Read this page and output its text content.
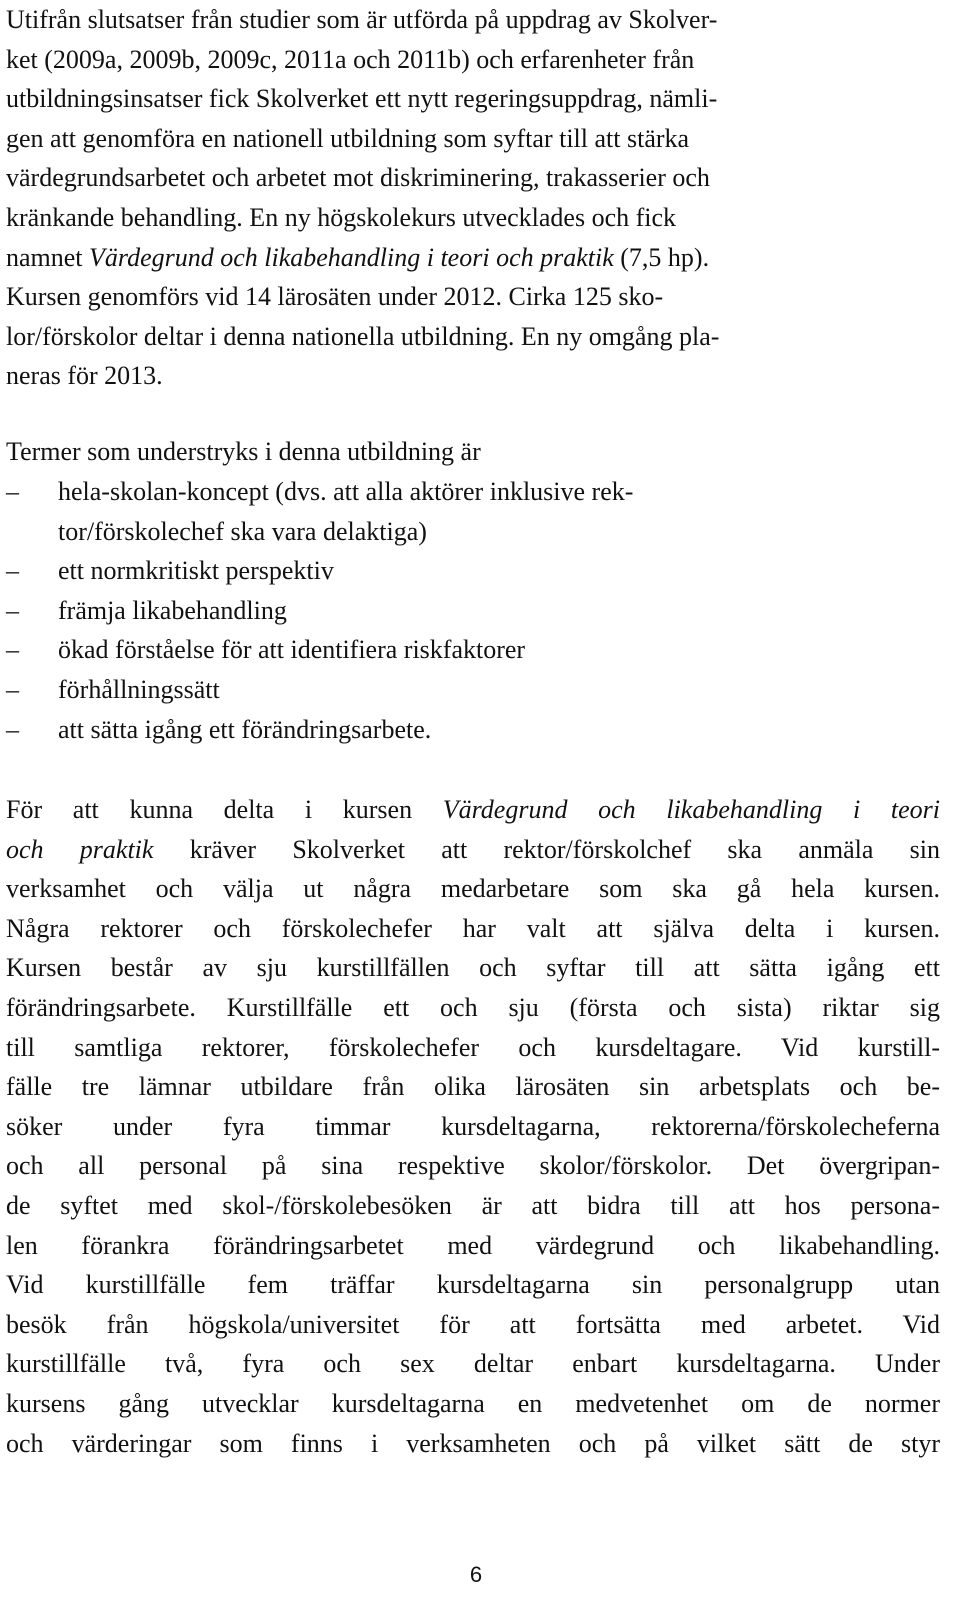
Utifrån slutsatser från studier som är utförda på uppdrag av Skolver-
ket (2009a, 2009b, 2009c, 2011a och 2011b) och erfarenheter från
utbildningsinsatser fick Skolverket ett nytt regeringsuppdrag, nämli-
gen att genomföra en nationell utbildning som syftar till att stärka
värdegrundsarbetet och arbetet mot diskriminering, trakasserier och
kränkande behandling. En ny högskolekurs utvecklades och fick
namnet Värdegrund och likabehandling i teori och praktik (7,5 hp).
Kursen genomförs vid 14 lärosäten under 2012. Cirka 125 sko-
lor/förskolor deltar i denna nationella utbildning. En ny omgång pla-
neras för 2013.

Termer som understryks i denna utbildning är

–	hela-skolan-koncept (dvs. att alla aktörer inklusive rek-
tor/förskolechef ska vara delaktiga)
–	ett normkritiskt perspektiv
–	främja likabehandling
–	ökad förståelse för att identifiera riskfaktorer
–	förhållningssätt
–	att sätta igång ett förändringsarbete.

För att kunna delta i kursen Värdegrund och likabehandling i teori
och praktik kräver Skolverket att rektor/förskolchef ska anmäla sin
verksamhet och välja ut några medarbetare som ska gå hela kursen.
Några rektorer och förskolechefer har valt att själva delta i kursen.
Kursen består av sju kurstillfällen och syftar till att sätta igång ett
förändringsarbete. Kurstillfälle ett och sju (första och sista) riktar sig
till samtliga rektorer, förskolechefer och kursdeltagare. Vid kurstill-
fälle tre lämnar utbildare från olika lärosäten sin arbetsplats och be-
söker under fyra timmar kursdeltagarna, rektorerna/förskolecheferna
och all personal på sina respektive skolor/förskolor. Det övergripan-
de syftet med skol-/förskolebesöken är att bidra till att hos persona-
len förankra förändringsarbetet med värdegrund och likabehandling.
Vid kurstillfälle fem träffar kursdeltagarna sin personalgrupp utan
besök från högskola/universitet för att fortsätta med arbetet. Vid
kurstillfälle två, fyra och sex deltar enbart kursdeltagarna. Under
kursens gång utvecklar kursdeltagarna en medvetenhet om de normer
och värderingar som finns i verksamheten och på vilket sätt de styr

6
